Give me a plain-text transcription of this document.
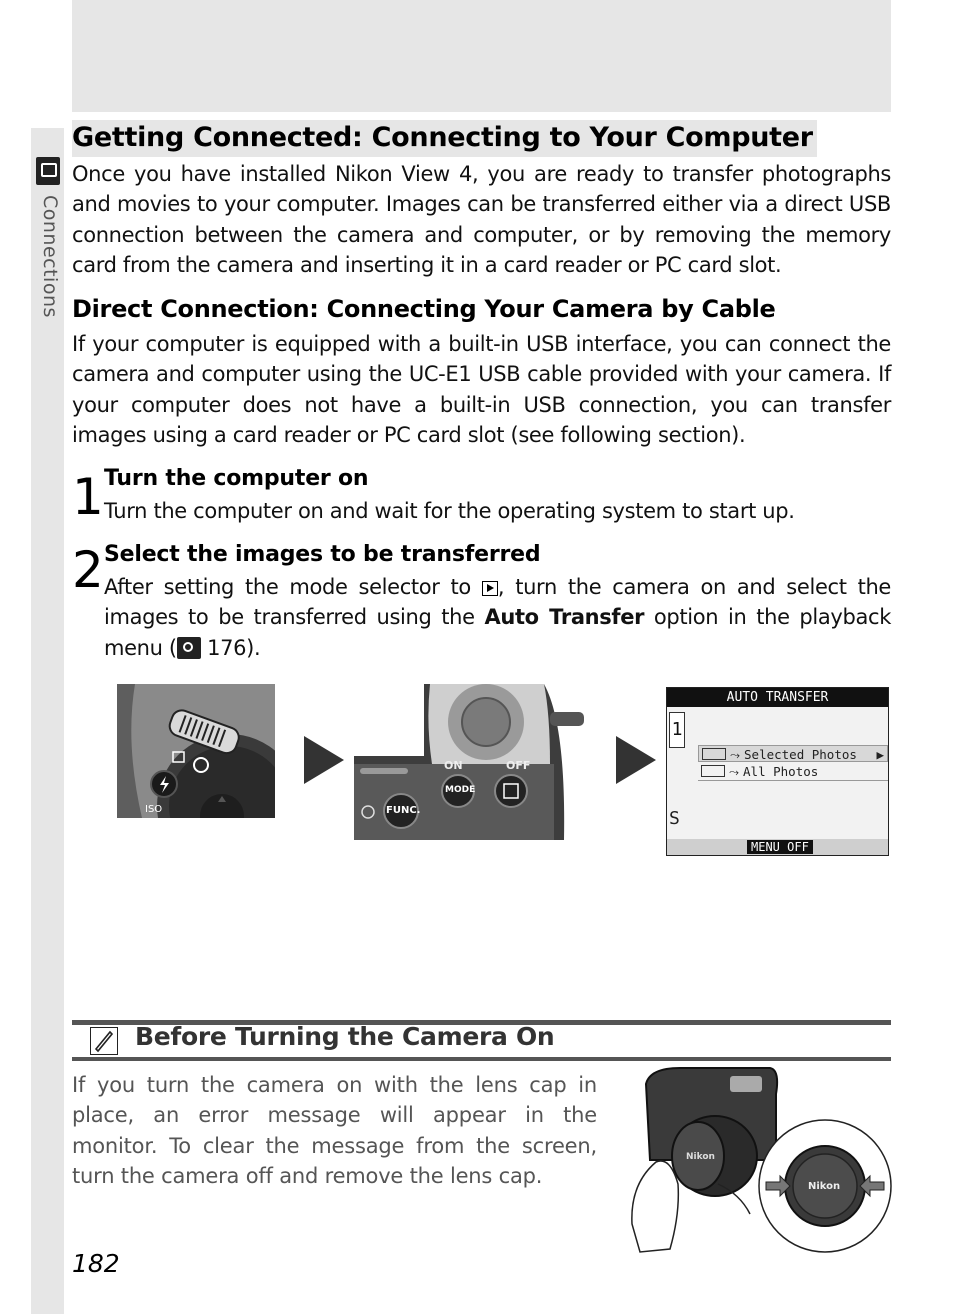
Connections
Getting Connected: Connecting to Your Computer

Once you have installed Nikon View 4, you are ready to transfer photographs and movies to your computer. Images can be transferred either via a direct USB connection between the camera and computer, or by removing the memory card from the camera and inserting it in a card reader or PC card slot.

Direct Connection: Connecting Your Camera by Cable

If your computer is equipped with a built-in USB interface, you can connect the camera and computer using the UC-E1 USB cable provided with your camera. If your computer does not have a built-in USB connection, you can transfer images using a card reader or PC card slot (see following section).

1 Turn the computer on

Turn the computer on and wait for the operating system to start up.

2 Select the images to be transferred

After setting the mode selector to , turn the camera on and select the images to be transferred using the Auto Transfer option in the playback menu ( 176).

ISO
ON	OFF
MODE
FUNC.
AUTO TRANSFER
1
S
⤳ Selected Photos ▶
⤳ All Photos
MENU OFF
Before Turning the Camera On

If you turn the camera on with the lens cap in place, an error message will appear in the monitor. To clear the message from the screen, turn the camera off and remove the lens cap.

Nikon
Nikon

182
